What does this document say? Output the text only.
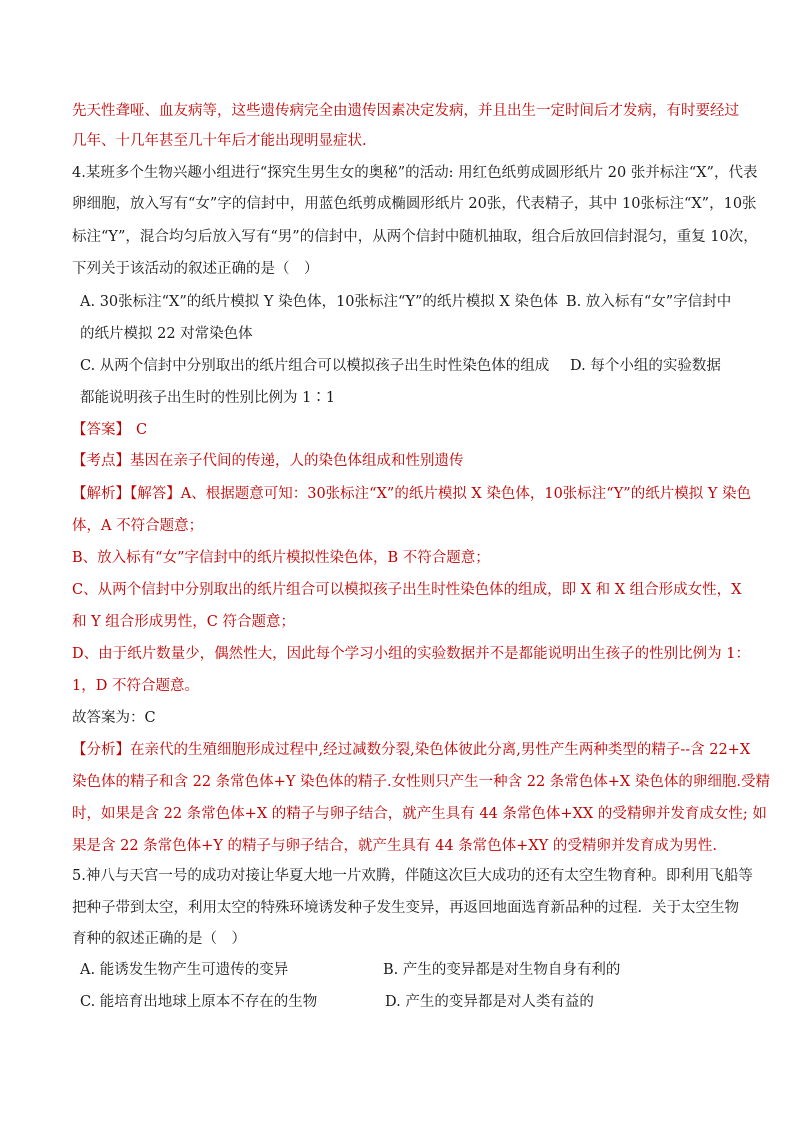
先天性聋哑、血友病等，这些遗传病完全由遗传因素决定发病，并且出生一定时间后才发病，有时要经过
几年、十几年甚至几十年后才能出现明显症状.
4.某班多个生物兴趣小组进行“探究生男生女的奥秘”的活动: 用红色纸剪成圆形纸片 20 张并标注“X”，代表
卵细胞，放入写有“女”字的信封中，用蓝色纸剪成椭圆形纸片 20张，代表精子，其中 10张标注“X”，10张
标注“Y”，混合均匀后放入写有“男”的信封中，从两个信封中随机抽取，组合后放回信封混匀，重复 10次，
下列关于该活动的叙述正确的是（　）
A. 30张标注“X”的纸片模拟 Y 染色体，10张标注“Y”的纸片模拟 X 染色体 B. 放入标有“女”字信封中
的纸片模拟 22 对常染色体
C. 从两个信封中分别取出的纸片组合可以模拟孩子出生时性染色体的组成 D. 每个小组的实验数据
都能说明孩子出生时的性别比例为 1∶1
【答案】 C
【考点】基因在亲子代间的传递，人的染色体组成和性别遗传
【解析】【解答】A、根据题意可知：30张标注“X”的纸片模拟 X 染色体，10张标注“Y”的纸片模拟 Y 染色
体，A 不符合题意；
B、放入标有“女”字信封中的纸片模拟性染色体，B 不符合题意；
C、从两个信封中分别取出的纸片组合可以模拟孩子出生时性染色体的组成，即 X 和 X 组合形成女性，X
和 Y 组合形成男性，C 符合题意；
D、由于纸片数量少，偶然性大，因此每个学习小组的实验数据并不是都能说明出生孩子的性别比例为 1：
1，D 不符合题意。
故答案为：C
【分析】在亲代的生殖细胞形成过程中,经过减数分裂,染色体彼此分离,男性产生两种类型的精子--含 22+X
染色体的精子和含 22 条常色体+Y 染色体的精子.女性则只产生一种含 22 条常色体+X 染色体的卵细胞.受精
时，如果是含 22 条常色体+X 的精子与卵子结合，就产生具有 44 条常色体+XX 的受精卵并发育成女性; 如
果是含 22 条常色体+Y 的精子与卵子结合，就产生具有 44 条常色体+XY 的受精卵并发育成为男性.
5.神八与天宫一号的成功对接让华夏大地一片欢腾，伴随这次巨大成功的还有太空生物育种。即利用飞船等
把种子带到太空，利用太空的特殊环境诱发种子发生变异，再返回地面选育新品种的过程．关于太空生物
育种的叙述正确的是（　）
A. 能诱发生物产生可遗传的变异	B. 产生的变异都是对生物自身有利的
C. 能培育出地球上原本不存在的生物	D. 产生的变异都是对人类有益的
